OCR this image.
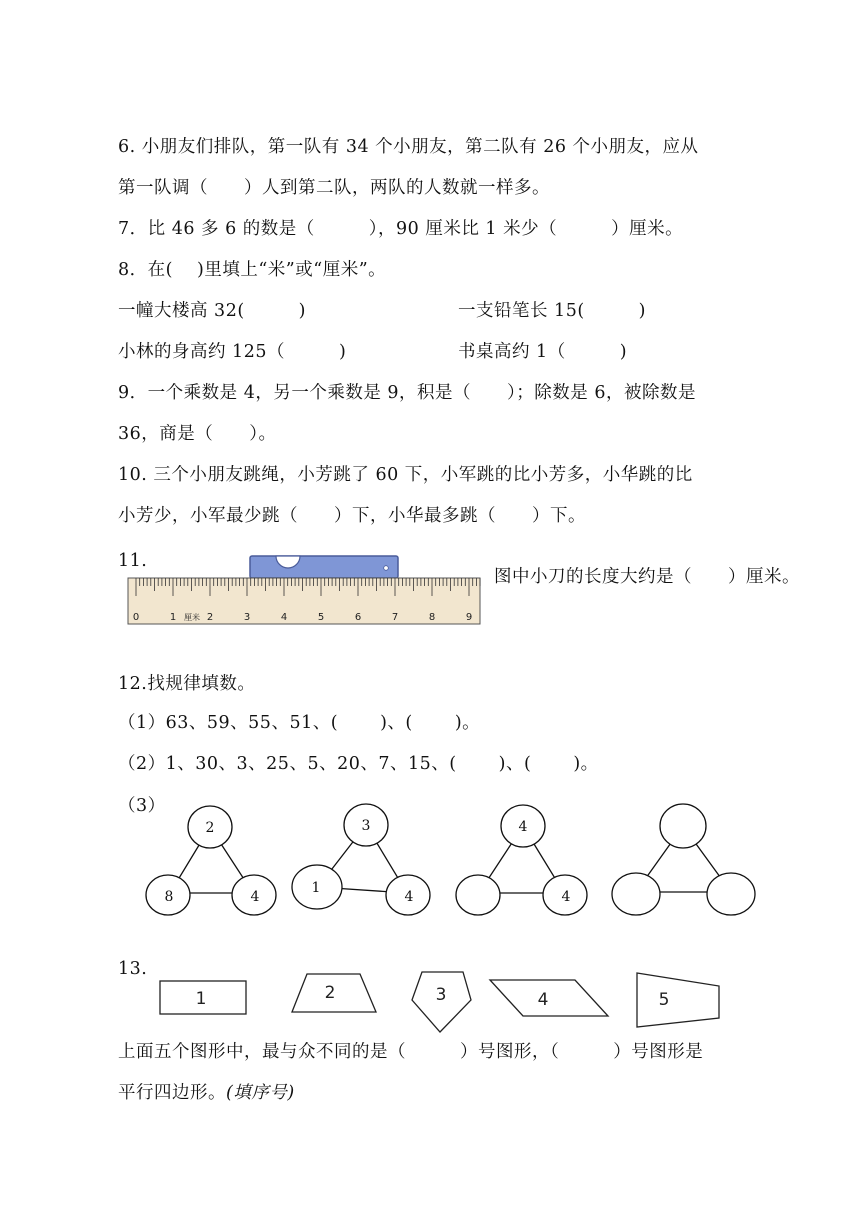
6. 小朋友们排队，第一队有 34 个小朋友，第二队有 26 个小朋友，应从
第一队调（　　）人到第二队，两队的人数就一样多。
7．比 46 多 6 的数是（　　　），90 厘米比 1 米少（　　　）厘米。
8．在(　 )里填上“米”或“厘米”。
一幢大楼高 32(　　　)	一支铅笔长 15(　　　)
小林的身高约 125（　　　)	书桌高约 1（　　　)
9．一个乘数是 4，另一个乘数是 9，积是（　　）；除数是 6，被除数是
36，商是（　　）。
10. 三个小朋友跳绳，小芳跳了 60 下，小军跳的比小芳多，小华跳的比
小芳少，小军最少跳（　　）下，小华最多跳（　　）下。
11.
0	1 厘米 2	3	4	5	6	7	8	9
图中小刀的长度大约是（　　）厘米。
12.找规律填数。
（1）63、59、55、51、(　　 )、(　　 )。
（2）1、30、3、25、5、20、7、15、(　　 )、(　　 )。
（3）
2
8	4
3
1
4
4
4
13.
1	2	3	4	5
上面五个图形中，最与众不同的是（　　　）号图形，（　　　）号图形是
平行四边形。(填序号)
